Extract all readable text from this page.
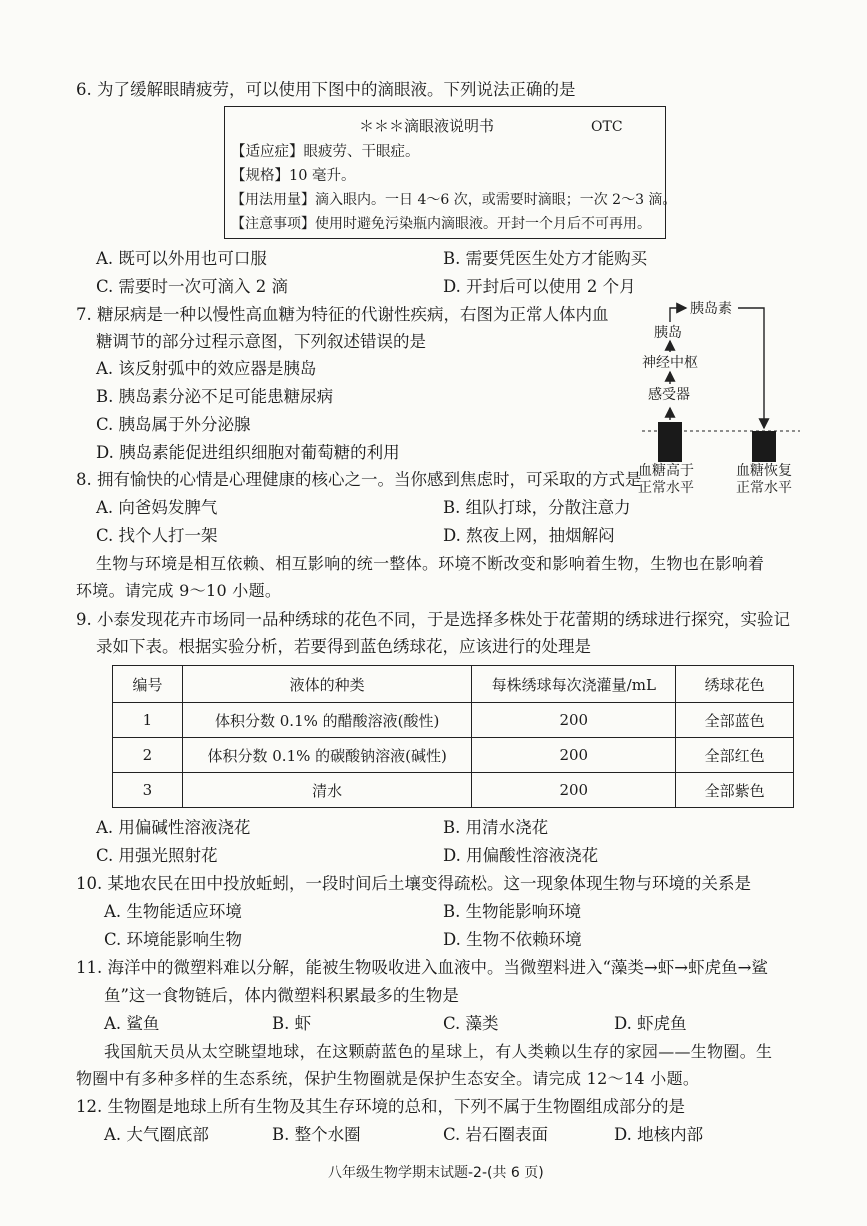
6. 为了缓解眼睛疲劳，可以使用下图中的滴眼液。下列说法正确的是
＊＊＊滴眼液说明书	OTC
【适应症】眼疲劳、干眼症。
【规格】10 毫升。
【用法用量】滴入眼内。一日 4～6 次，或需要时滴眼；一次 2～3 滴。
【注意事项】使用时避免污染瓶内滴眼液。开封一个月后不可再用。
A. 既可以外用也可口服	B. 需要凭医生处方才能购买
C. 需要时一次可滴入 2 滴	D. 开封后可以使用 2 个月
7. 糖尿病是一种以慢性高血糖为特征的代谢性疾病，右图为正常人体内血
糖调节的部分过程示意图，下列叙述错误的是
A. 该反射弧中的效应器是胰岛
B. 胰岛素分泌不足可能患糖尿病
C. 胰岛属于外分泌腺
D. 胰岛素能促进组织细胞对葡萄糖的利用
胰岛素
胰岛
神经中枢
感受器
血糖高于
正常水平
血糖恢复
正常水平
8. 拥有愉快的心情是心理健康的核心之一。当你感到焦虑时，可采取的方式是
A. 向爸妈发脾气	B. 组队打球，分散注意力
C. 找个人打一架	D. 熬夜上网，抽烟解闷
生物与环境是相互依赖、相互影响的统一整体。环境不断改变和影响着生物，生物也在影响着
环境。请完成 9～10 小题。
9. 小泰发现花卉市场同一品种绣球的花色不同，于是选择多株处于花蕾期的绣球进行探究，实验记
录如下表。根据实验分析，若要得到蓝色绣球花，应该进行的处理是
编号	液体的种类	每株绣球每次浇灌量/mL	绣球花色
1	体积分数 0.1% 的醋酸溶液(酸性)	200	全部蓝色
2	体积分数 0.1% 的碳酸钠溶液(碱性)	200	全部红色
3	清水	200	全部紫色
A. 用偏碱性溶液浇花	B. 用清水浇花
C. 用强光照射花	D. 用偏酸性溶液浇花
10. 某地农民在田中投放蚯蚓，一段时间后土壤变得疏松。这一现象体现生物与环境的关系是
A. 生物能适应环境	B. 生物能影响环境
C. 环境能影响生物	D. 生物不依赖环境
11. 海洋中的微塑料难以分解，能被生物吸收进入血液中。当微塑料进入“藻类→虾→虾虎鱼→鲨
鱼”这一食物链后，体内微塑料积累最多的生物是
A. 鲨鱼	B. 虾	C. 藻类	D. 虾虎鱼
我国航天员从太空眺望地球，在这颗蔚蓝色的星球上，有人类赖以生存的家园——生物圈。生
物圈中有多种多样的生态系统，保护生物圈就是保护生态安全。请完成 12～14 小题。
12. 生物圈是地球上所有生物及其生存环境的总和，下列不属于生物圈组成部分的是
A. 大气圈底部	B. 整个水圈	C. 岩石圈表面	D. 地核内部
八年级生物学期末试题-2-(共 6 页)
